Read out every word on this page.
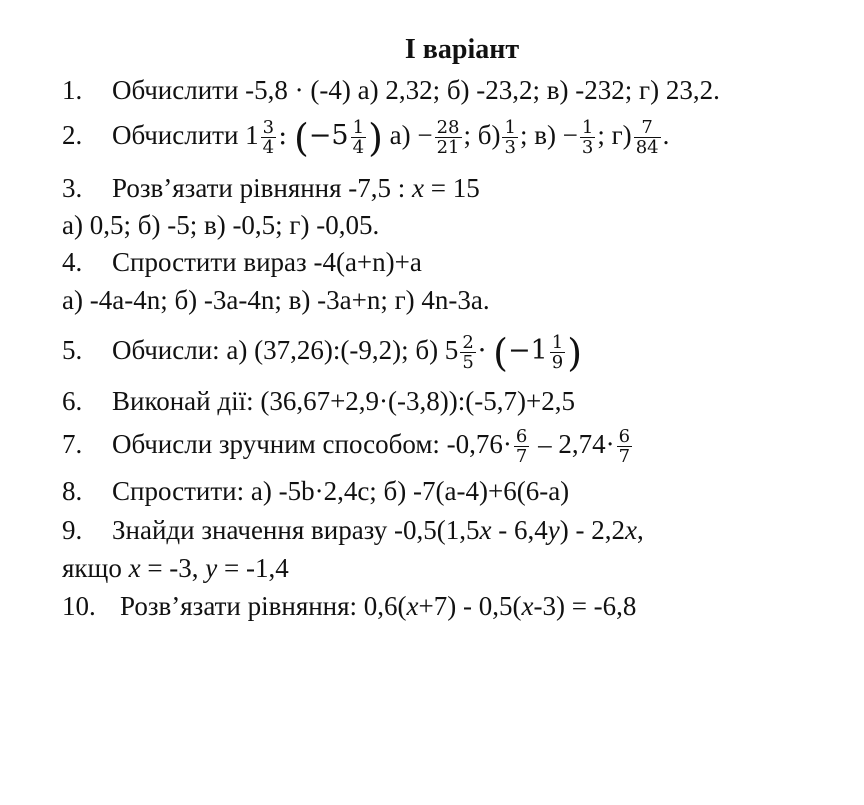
I варіант
1. Обчислити -5,8 · (-4) а) 2,32; б) -23,2; в) -232; г) 23,2.
2. Обчислити $1 \frac{3}{4}$ : ($-5 \frac{1}{4}$ ) $а) - \frac{28}{21}$ ; $б) \frac{1}{3}$ ; $в) - \frac{1}{3}$ ; $г) \frac{7}{84}$ .
3. Розв’язати рівняння -7,5 : x = 15
а) 0,5; б) -5; в) -0,5; г) -0,05.
4. Спростити вираз -4(a+n)+a
а) -4a-4n; б) -3a-4n; в) -3a+n; г) 4n-3a.
5. Обчисли: а) (37,26):(-9,2); б) $5 \frac{2}{5} \cdot (-1 \frac{1}{9}$ )
6. Виконай дії: (36,67+2,9·(-3,8)):(-5,7)+2,5
7. Обчисли зручним способом: $-0,76\cdot \frac{6}{7} - 2,74\cdot \frac{6}{7}$
8. Спростити: а) -5b·2,4c; б) -7(a-4)+6(6-a)
9. Знайди значення виразу -0,5(1,5x - 6,4y) - 2,2x,
якщо x = -3, y = -1,4
10. Розв’язати рівняння: 0,6(x+7) - 0,5(x-3) = -6,8
